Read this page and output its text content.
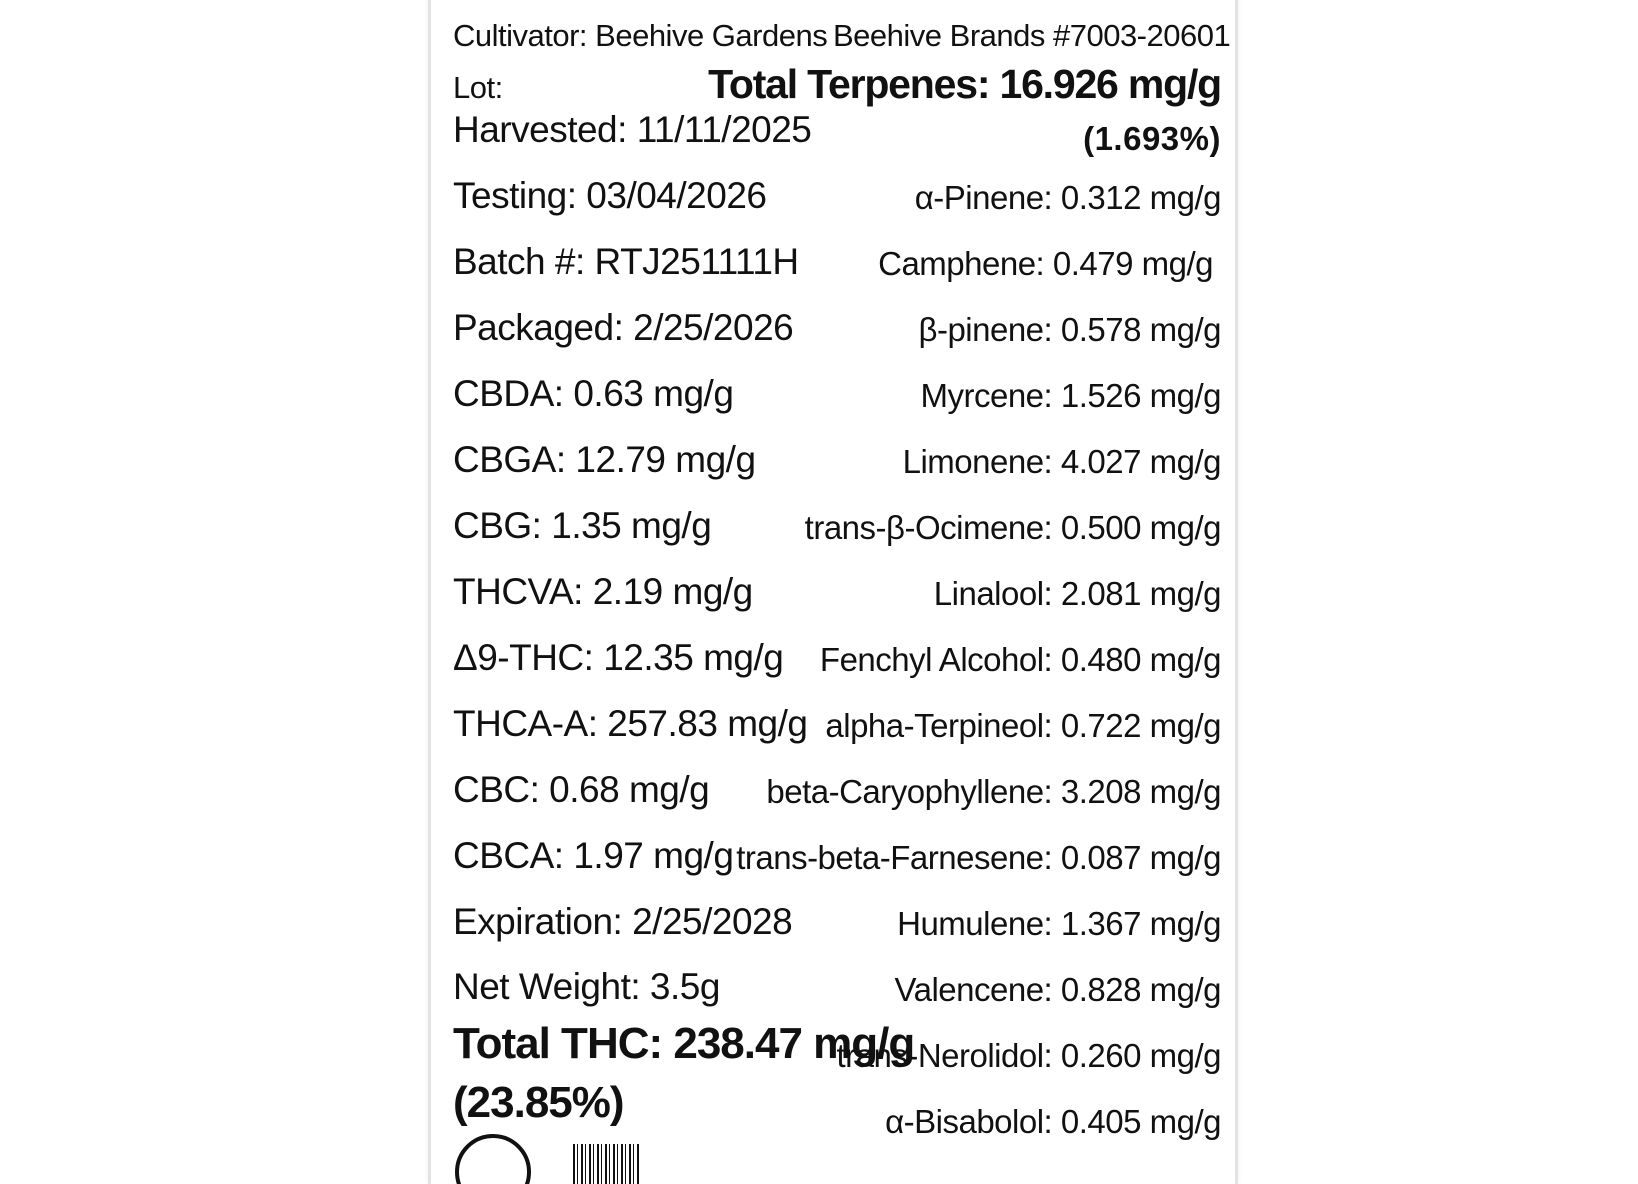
Cultivator: Beehive Gardens Beehive Brands #7003-20601
Lot:	Total Terpenes: 16.926 mg/g
(1.693%)
Harvested: 11/11/2025
Testing: 03/04/2026
Batch #: RTJ251111H
Packaged: 2/25/2026
CBDA: 0.63 mg/g
CBGA: 12.79 mg/g
CBG: 1.35 mg/g
THCVA: 2.19 mg/g
Δ9-THC: 12.35 mg/g
THCA-A: 257.83 mg/g
CBC: 0.68 mg/g
CBCA: 1.97 mg/g
Expiration: 2/25/2028
Net Weight: 3.5g
Total THC: 238.47 mg/g
(23.85%)
α-Pinene: 0.312 mg/g
Camphene: 0.479 mg/g
β-pinene: 0.578 mg/g
Myrcene: 1.526 mg/g
Limonene: 4.027 mg/g
trans-β-Ocimene: 0.500 mg/g
Linalool: 2.081 mg/g
Fenchyl Alcohol: 0.480 mg/g
alpha-Terpineol: 0.722 mg/g
beta-Caryophyllene: 3.208 mg/g
trans-beta-Farnesene: 0.087 mg/g
Humulene: 1.367 mg/g
Valencene: 0.828 mg/g
trans-Nerolidol: 0.260 mg/g
α-Bisabolol: 0.405 mg/g
